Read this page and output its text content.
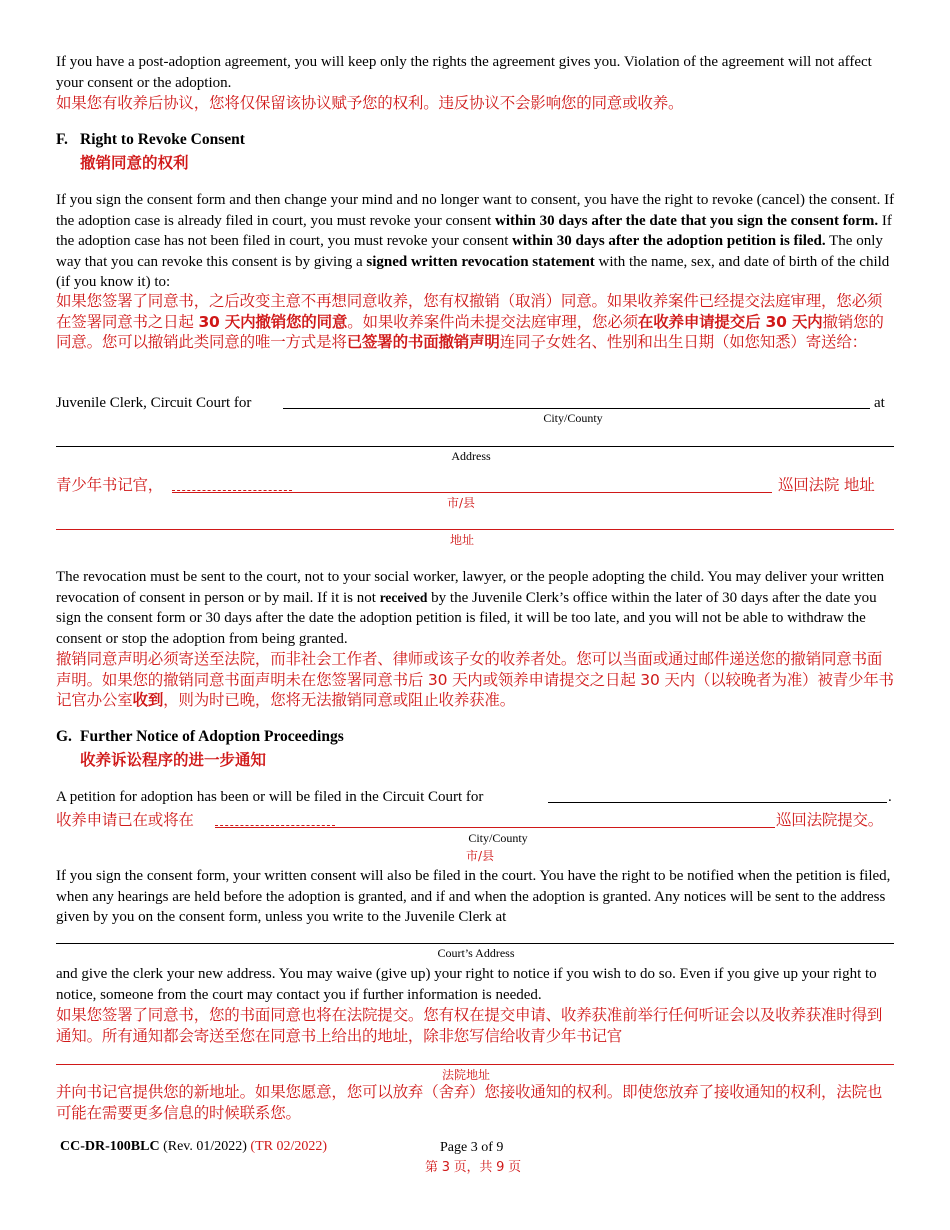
If you have a post-adoption agreement, you will keep only the rights the agreement gives you. Violation of the agreement will not affect your consent or the adoption.
如果您有收养后协议，您将仅保留该协议赋予您的权利。违反协议不会影响您的同意或收养。
F. Right to Revoke Consent
撤销同意的权利
If you sign the consent form and then change your mind and no longer want to consent, you have the right to revoke (cancel) the consent. If the adoption case is already filed in court, you must revoke your consent within 30 days after the date that you sign the consent form. If the adoption case has not been filed in court, you must revoke your consent within 30 days after the adoption petition is filed. The only way that you can revoke this consent is by giving a signed written revocation statement with the name, sex, and date of birth of the child (if you know it) to:
如果您签署了同意书，之后改变主意不再想同意收养，您有权撤销（取消）同意。如果收养案件已经提交法庭审理，您必须在签署同意书之日起 30 天内撤销您的同意。如果收养案件尚未提交法庭审理，您必须在收养申请提交后 30 天内撤销您的同意。您可以撤销此类同意的唯一方式是将已签署的书面撤销声明连同子女姓名、性别和出生日期（如您知悉）寄送给：
Juvenile Clerk, Circuit Court for	at
City/County
Address
青少年书记官，	巡回法院 地址
市/县
地址
The revocation must be sent to the court, not to your social worker, lawyer, or the people adopting the child. You may deliver your written revocation of consent in person or by mail. If it is not received by the Juvenile Clerk’s office within the later of 30 days after the date you sign the consent form or 30 days after the date the adoption petition is filed, it will be too late, and you will not be able to withdraw the consent or stop the adoption from being granted.
撤销同意声明必须寄送至法院，而非社会工作者、律师或该子女的收养者处。您可以当面或通过邮件递送您的撤销同意书面声明。如果您的撤销同意书面声明未在您签署同意书后 30 天内或领养申请提交之日起 30 天内（以较晚者为准）被青少年书记官办公室收到，则为时已晚，您将无法撤销同意或阻止收养获准。
G. Further Notice of Adoption Proceedings
收养诉讼程序的进一步通知
A petition for adoption has been or will be filed in the Circuit Court for	.
收养申请已在或将在	巡回法院提交。
City/County
市/县
If you sign the consent form, your written consent will also be filed in the court. You have the right to be notified when the petition is filed, when any hearings are held before the adoption is granted, and if and when the adoption is granted. Any notices will be sent to the address given by you on the consent form, unless you write to the Juvenile Clerk at
Court’s Address
and give the clerk your new address. You may waive (give up) your right to notice if you wish to do so. Even if you give up your right to notice, someone from the court may contact you if further information is needed.
如果您签署了同意书，您的书面同意也将在法院提交。您有权在提交申请、收养获准前举行任何听证会以及收养获准时得到通知。所有通知都会寄送至您在同意书上给出的地址，除非您写信给收青少年书记官
法院地址
并向书记官提供您的新地址。如果您愿意，您可以放弃（舍弃）您接收通知的权利。即使您放弃了接收通知的权利，法院也可能在需要更多信息的时候联系您。
CC-DR-100BLC (Rev. 01/2022) (TR 02/2022)	Page 3 of 9
第 3 页，共 9 页
